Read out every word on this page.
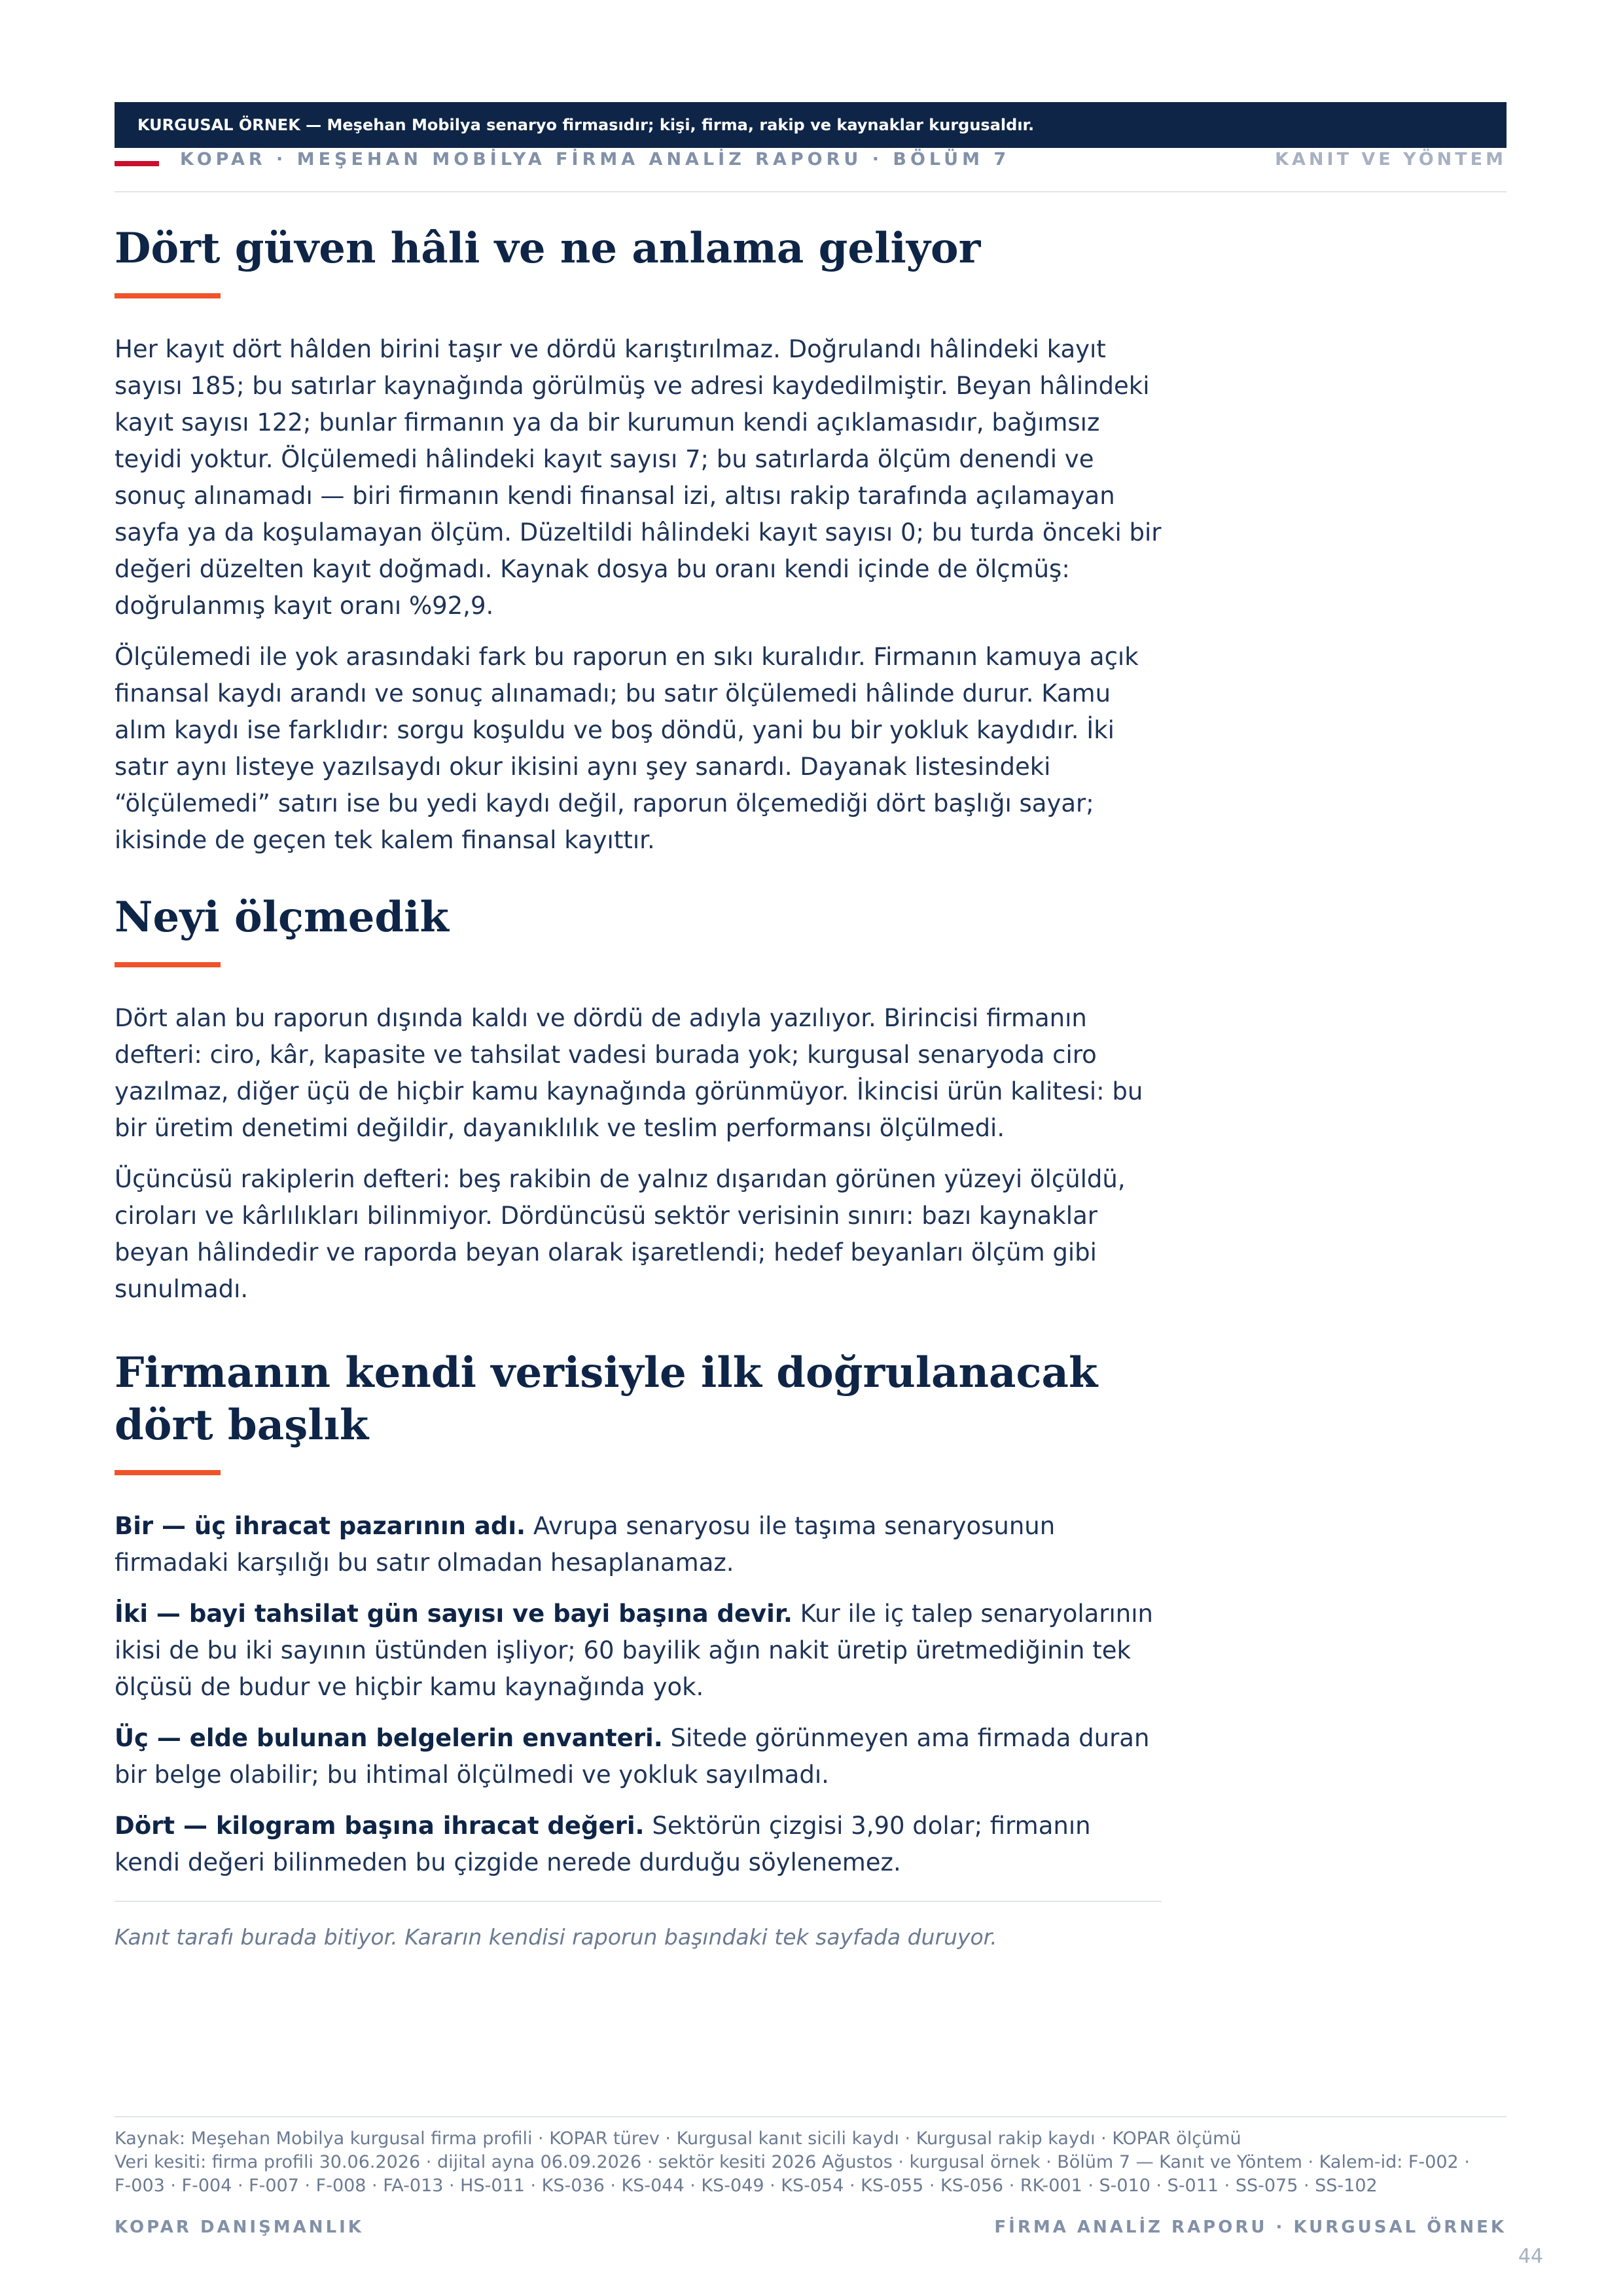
KURGUSAL ÖRNEK — Meşehan Mobilya senaryo firmasıdır; kişi, firma, rakip ve kaynaklar kurgusaldır.
KOPAR · MEŞEHAN MOBİLYA FİRMA ANALİZ RAPORU · BÖLÜM 7	KANIT VE YÖNTEM
Dört güven hâli ve ne anlama geliyor

Her kayıt dört hâlden birini taşır ve dördü karıştırılmaz. Doğrulandı hâlindeki kayıt sayısı 185; bu satırlar kaynağında görülmüş ve adresi kaydedilmiştir. Beyan hâlindeki kayıt sayısı 122; bunlar firmanın ya da bir kurumun kendi açıklamasıdır, bağımsız teyidi yoktur. Ölçülemedi hâlindeki kayıt sayısı 7; bu satırlarda ölçüm denendi ve sonuç alınamadı — biri firmanın kendi finansal izi, altısı rakip tarafında açılamayan sayfa ya da koşulamayan ölçüm. Düzeltildi hâlindeki kayıt sayısı 0; bu turda önceki bir değeri düzelten kayıt doğmadı. Kaynak dosya bu oranı kendi içinde de ölçmüş: doğrulanmış kayıt oranı %92,9.

Ölçülemedi ile yok arasındaki fark bu raporun en sıkı kuralıdır. Firmanın kamuya açık finansal kaydı arandı ve sonuç alınamadı; bu satır ölçülemedi hâlinde durur. Kamu alım kaydı ise farklıdır: sorgu koşuldu ve boş döndü, yani bu bir yokluk kaydıdır. İki satır aynı listeye yazılsaydı okur ikisini aynı şey sanardı. Dayanak listesindeki “ölçülemedi” satırı ise bu yedi kaydı değil, raporun ölçemediği dört başlığı sayar; ikisinde de geçen tek kalem finansal kayıttır.

Neyi ölçmedik

Dört alan bu raporun dışında kaldı ve dördü de adıyla yazılıyor. Birincisi firmanın defteri: ciro, kâr, kapasite ve tahsilat vadesi burada yok; kurgusal senaryoda ciro yazılmaz, diğer üçü de hiçbir kamu kaynağında görünmüyor. İkincisi ürün kalitesi: bu bir üretim denetimi değildir, dayanıklılık ve teslim performansı ölçülmedi.

Üçüncüsü rakiplerin defteri: beş rakibin de yalnız dışarıdan görünen yüzeyi ölçüldü, ciroları ve kârlılıkları bilinmiyor. Dördüncüsü sektör verisinin sınırı: bazı kaynaklar beyan hâlindedir ve raporda beyan olarak işaretlendi; hedef beyanları ölçüm gibi sunulmadı.

Firmanın kendi verisiyle ilk doğrulanacak dört başlık

Bir — üç ihracat pazarının adı. Avrupa senaryosu ile taşıma senaryosunun firmadaki karşılığı bu satır olmadan hesaplanamaz.

İki — bayi tahsilat gün sayısı ve bayi başına devir. Kur ile iç talep senaryolarının ikisi de bu iki sayının üstünden işliyor; 60 bayilik ağın nakit üretip üretmediğinin tek ölçüsü de budur ve hiçbir kamu kaynağında yok.

Üç — elde bulunan belgelerin envanteri. Sitede görünmeyen ama firmada duran bir belge olabilir; bu ihtimal ölçülmedi ve yokluk sayılmadı.

Dört — kilogram başına ihracat değeri. Sektörün çizgisi 3,90 dolar; firmanın kendi değeri bilinmeden bu çizgide nerede durduğu söylenemez.

Kanıt tarafı burada bitiyor. Kararın kendisi raporun başındaki tek sayfada duruyor.

Kaynak: Meşehan Mobilya kurgusal firma profili · KOPAR türev · Kurgusal kanıt sicili kaydı · Kurgusal rakip kaydı · KOPAR ölçümü
Veri kesiti: firma profili 30.06.2026 · dijital ayna 06.09.2026 · sektör kesiti 2026 Ağustos · kurgusal örnek · Bölüm 7 — Kanıt ve Yöntem · Kalem-id: F-002 ·
F-003 · F-004 · F-007 · F-008 · FA-013 · HS-011 · KS-036 · KS-044 · KS-049 · KS-054 · KS-055 · KS-056 · RK-001 · S-010 · S-011 · SS-075 · SS-102
KOPAR DANIŞMANLIK	FİRMA ANALİZ RAPORU · KURGUSAL ÖRNEK
44
